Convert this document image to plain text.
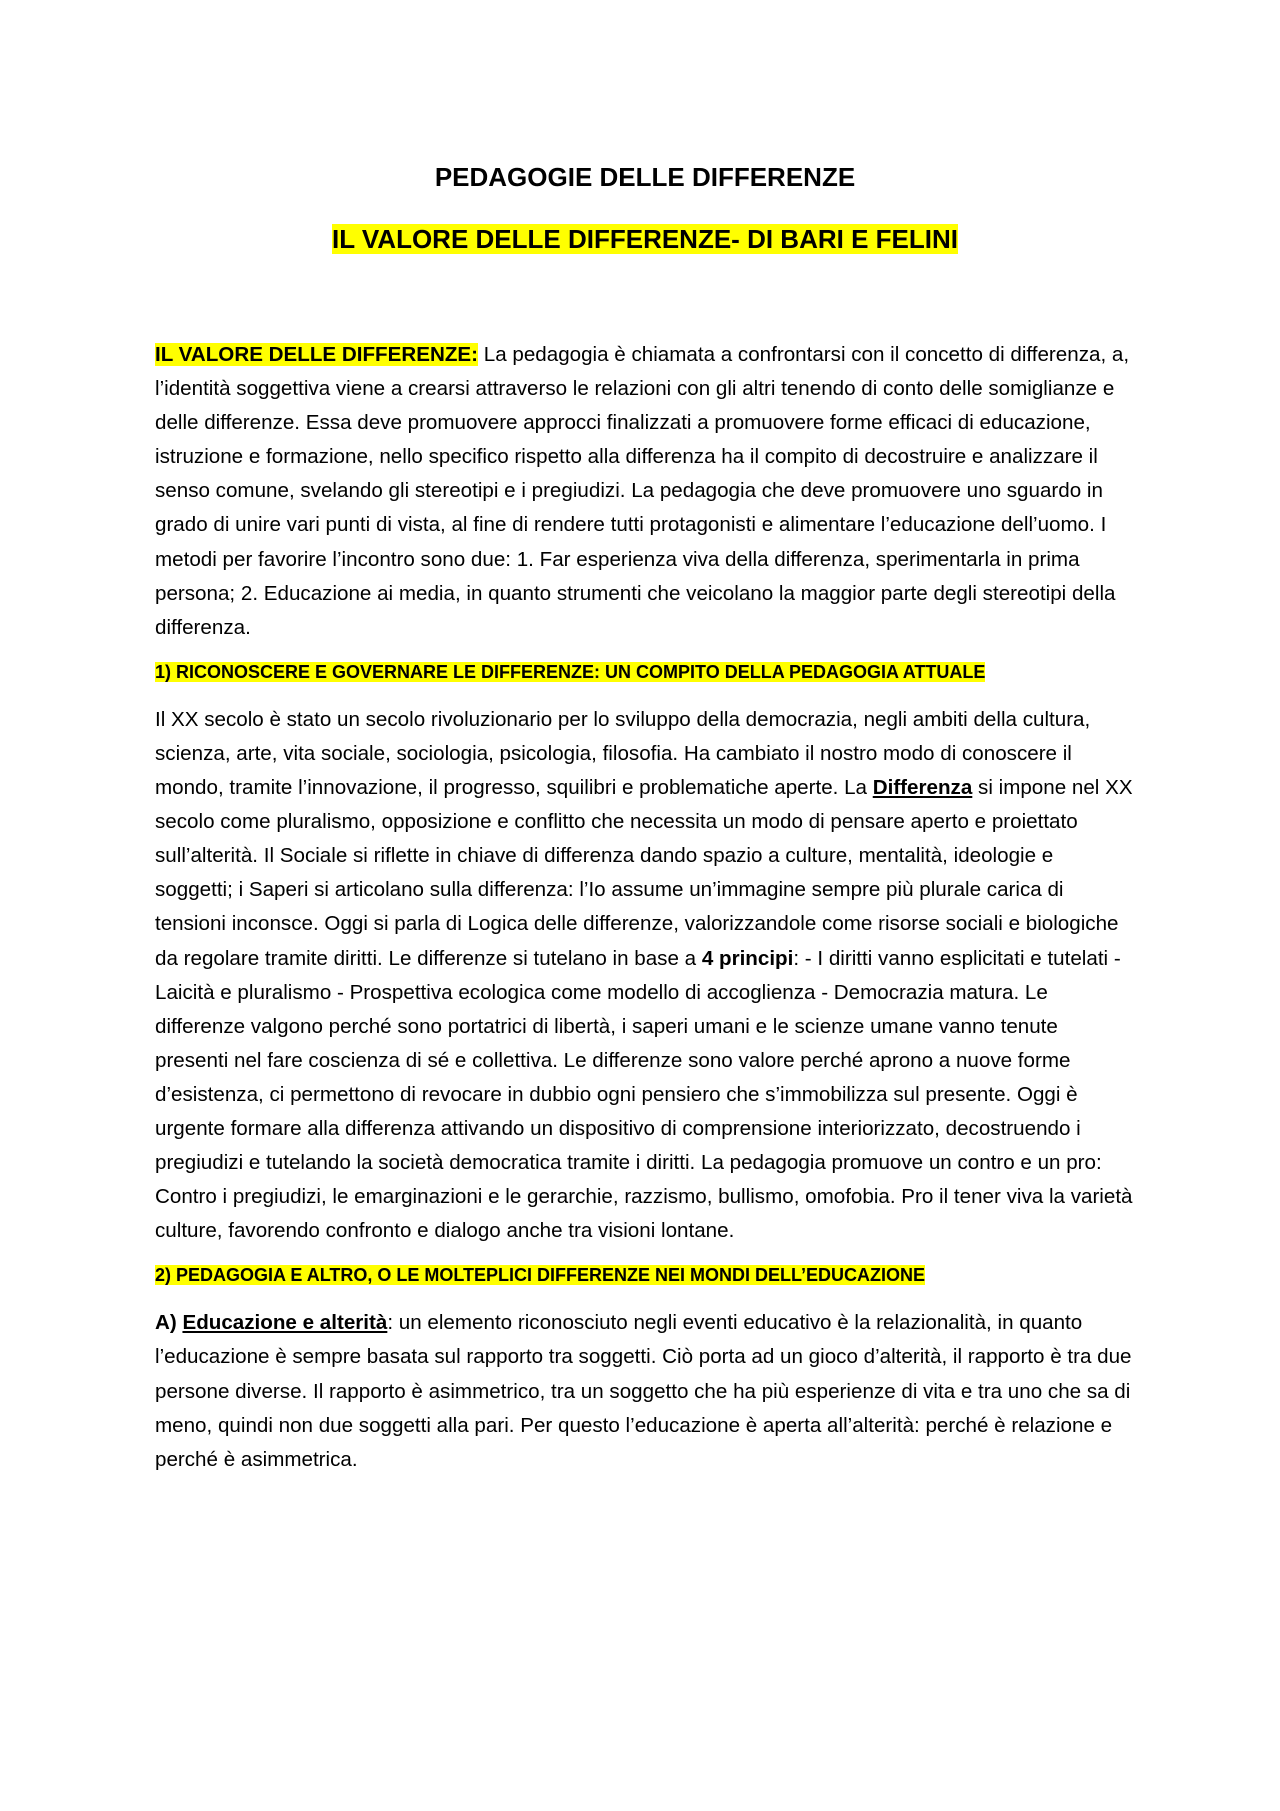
PEDAGOGIE DELLE DIFFERENZE
IL VALORE DELLE DIFFERENZE- DI BARI E FELINI

IL VALORE DELLE DIFFERENZE: La pedagogia è chiamata a confrontarsi con il concetto di differenza, a, l’identità soggettiva viene a crearsi attraverso le relazioni con gli altri tenendo di conto delle somiglianze e delle differenze. Essa deve promuovere approcci finalizzati a promuovere forme efficaci di educazione, istruzione e formazione, nello specifico rispetto alla differenza ha il compito di decostruire e analizzare il senso comune, svelando gli stereotipi e i pregiudizi. La pedagogia che deve promuovere uno sguardo in grado di unire vari punti di vista, al fine di rendere tutti protagonisti e alimentare l’educazione dell’uomo. I metodi per favorire l’incontro sono due: 1. Far esperienza viva della differenza, sperimentarla in prima persona; 2. Educazione ai media, in quanto strumenti che veicolano la maggior parte degli stereotipi della differenza.

1) RICONOSCERE E GOVERNARE LE DIFFERENZE: UN COMPITO DELLA PEDAGOGIA ATTUALE

Il XX secolo è stato un secolo rivoluzionario per lo sviluppo della democrazia, negli ambiti della cultura, scienza, arte, vita sociale, sociologia, psicologia, filosofia. Ha cambiato il nostro modo di conoscere il mondo, tramite l’innovazione, il progresso, squilibri e problematiche aperte. La Differenza si impone nel XX secolo come pluralismo, opposizione e conflitto che necessita un modo di pensare aperto e proiettato sull’alterità. Il Sociale si riflette in chiave di differenza dando spazio a culture, mentalità, ideologie e soggetti; i Saperi si articolano sulla differenza: l’Io assume un’immagine sempre più plurale carica di tensioni inconsce. Oggi si parla di Logica delle differenze, valorizzandole come risorse sociali e biologiche da regolare tramite diritti. Le differenze si tutelano in base a 4 principi: - I diritti vanno esplicitati e tutelati - Laicità e pluralismo - Prospettiva ecologica come modello di accoglienza - Democrazia matura. Le differenze valgono perché sono portatrici di libertà, i saperi umani e le scienze umane vanno tenute presenti nel fare coscienza di sé e collettiva. Le differenze sono valore perché aprono a nuove forme d’esistenza, ci permettono di revocare in dubbio ogni pensiero che s’immobilizza sul presente. Oggi è urgente formare alla differenza attivando un dispositivo di comprensione interiorizzato, decostruendo i pregiudizi e tutelando la società democratica tramite i diritti. La pedagogia promuove un contro e un pro: Contro i pregiudizi, le emarginazioni e le gerarchie, razzismo, bullismo, omofobia. Pro il tener viva la varietà culture, favorendo confronto e dialogo anche tra visioni lontane.

2) PEDAGOGIA E ALTRO, O LE MOLTEPLICI DIFFERENZE NEI MONDI DELL’EDUCAZIONE

A) Educazione e alterità: un elemento riconosciuto negli eventi educativo è la relazionalità, in quanto l’educazione è sempre basata sul rapporto tra soggetti. Ciò porta ad un gioco d’alterità, il rapporto è tra due persone diverse. Il rapporto è asimmetrico, tra un soggetto che ha più esperienze di vita e tra uno che sa di meno, quindi non due soggetti alla pari. Per questo l’educazione è aperta all’alterità: perché è relazione e perché è asimmetrica.
